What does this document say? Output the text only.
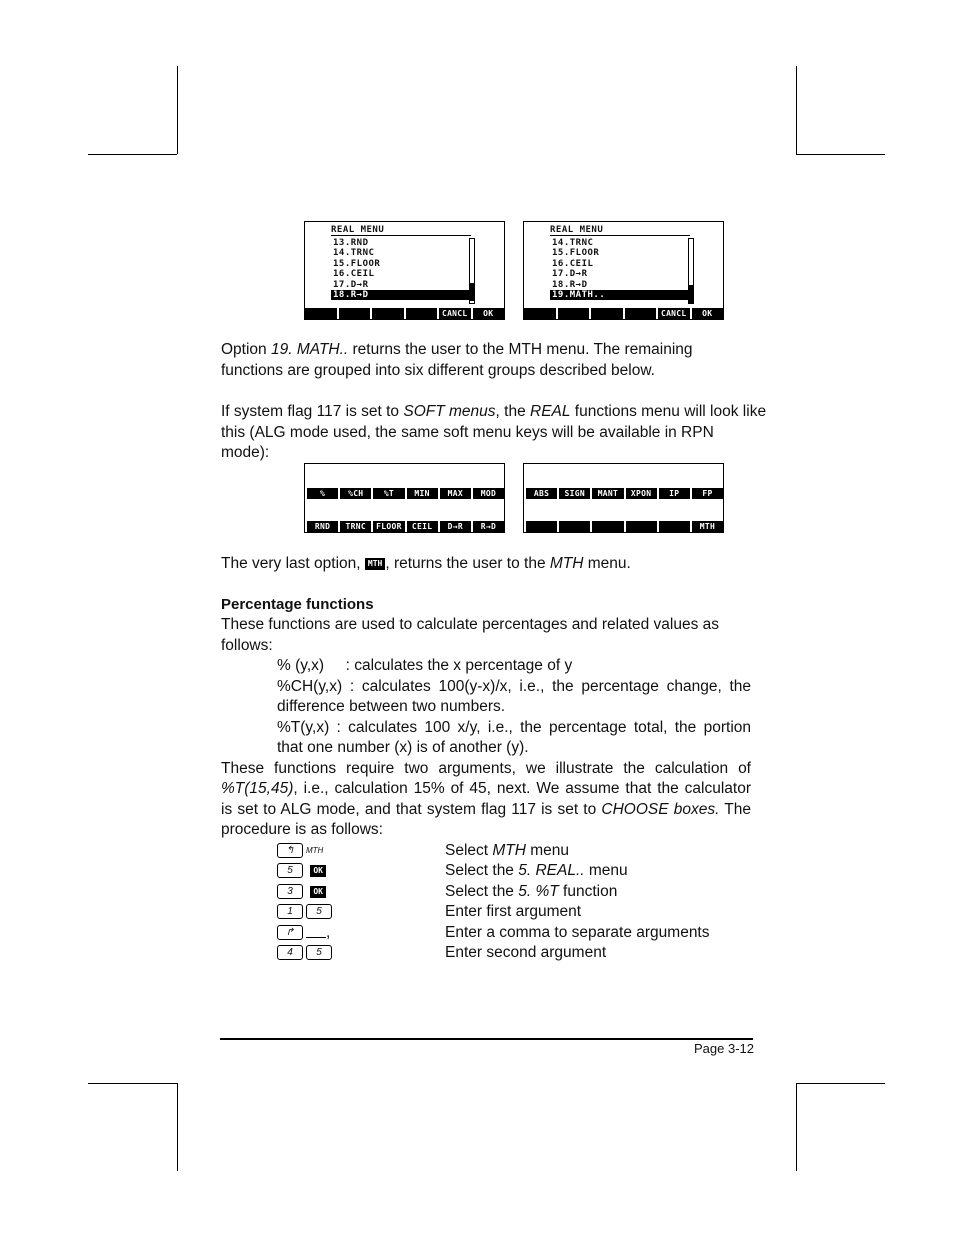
REAL MENU
13.RND
14.TRNC
15.FLOOR
16.CEIL
17.D→R
18.R→D
CANCL	OK
REAL MENU
14.TRNC
15.FLOOR
16.CEIL
17.D→R
18.R→D
19.MATH..
CANCL	OK
Option 19. MATH.. returns the user to the MTH menu. The remaining
functions are grouped into six different groups described below.
If system flag 117 is set to SOFT menus, the REAL functions menu will look like
this (ALG mode used, the same soft menu keys will be available in RPN
mode):
%	%CH	%T	MIN	MAX	MOD
RND	TRNC	FLOOR	CEIL	D→R	R→D
ABS	SIGN	MANT	XPON	IP	FP
MTH
The very last option, MTH , returns the user to the MTH menu.
Percentage functions
These functions are used to calculate percentages and related values as
follows:
% (y,x)     : calculates the x percentage of y
%CH(y,x) : calculates 100(y-x)/x, i.e., the percentage change, the
difference between two numbers.
%T(y,x) : calculates 100 x/y, i.e., the percentage total, the portion
that one number (x) is of another (y).
These functions require two arguments, we illustrate the calculation of
%T(15,45), i.e., calculation 15% of 45, next. We assume that the calculator
is set to ALG mode, and that system flag 117 is set to CHOOSE boxes. The
procedure is as follows:
↰ $^{MTH}$	Select MTH menu
5	OK	Select the 5. REAL.. menu
3	OK	Select the 5. %T function
1 5	Enter first argument
↱ ,	Enter a comma to separate arguments
4 5	Enter second argument
Page 3-12
